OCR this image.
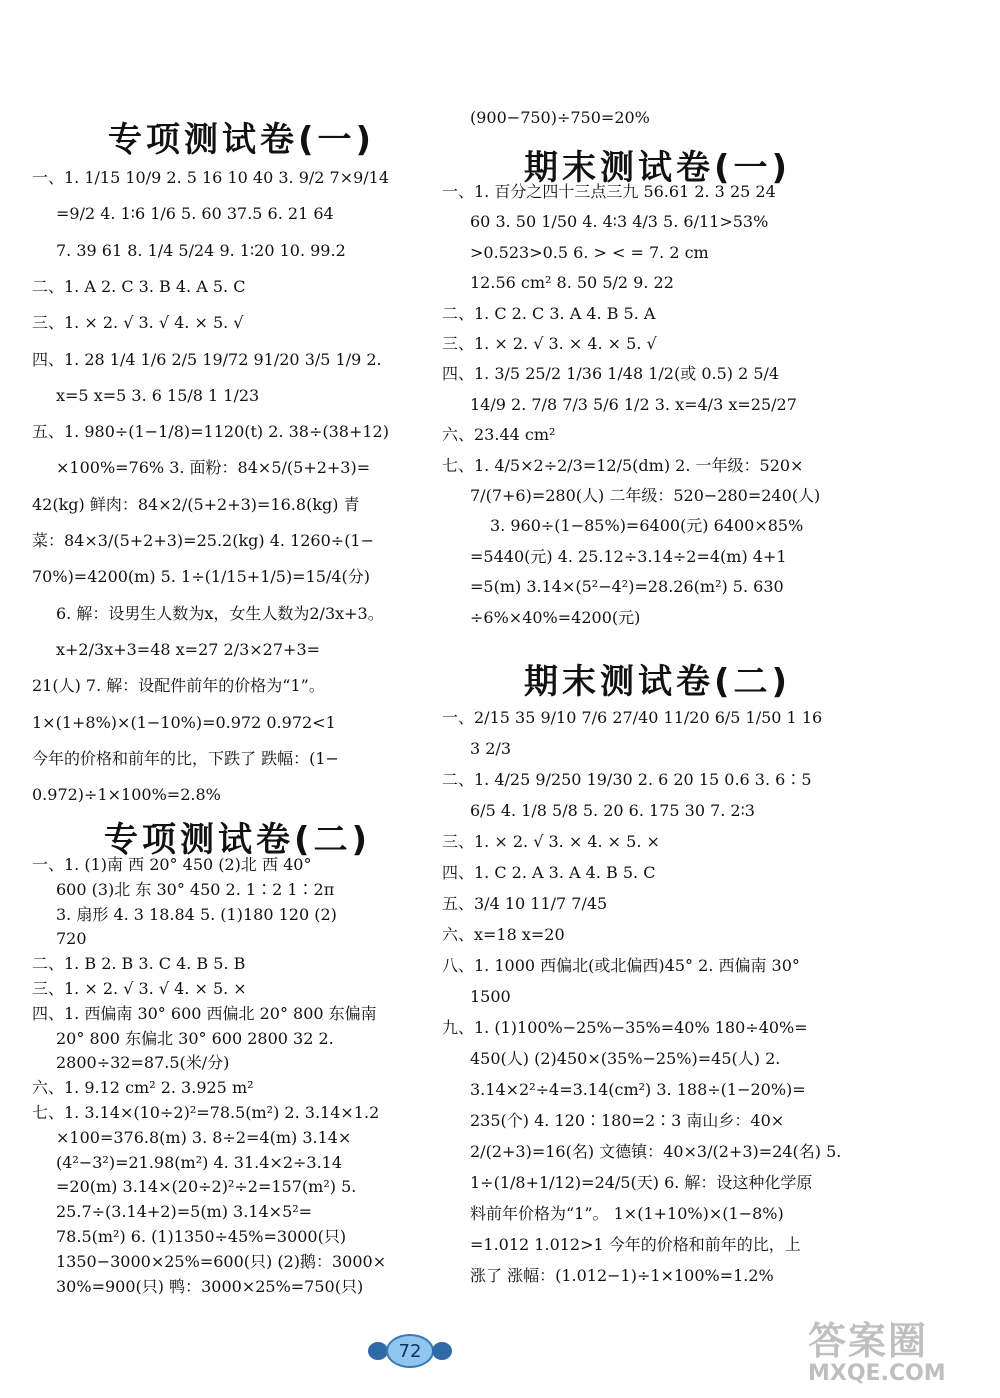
专项测试卷(一)
一、1. 1/15 10/9 2. 5 16 10 40 3. 9/2 7×9/14
=9/2 4. 1∶6 1/6 5. 60 37.5 6. 21 64
7. 39 61 8. 1/4 5/24 9. 1∶20 10. 99.2
二、1. A 2. C 3. B 4. A 5. C
三、1. × 2. √ 3. √ 4. × 5. √
四、1. 28 1/4 1/6 2/5 19/72 91/20 3/5 1/9 2.
x=5 x=5 3. 6 15/8 1 1/23
五、1. 980÷(1−1/8)=1120(t) 2. 38÷(38+12)
×100%=76% 3. 面粉：84×5/(5+2+3)=
42(kg) 鲜肉：84×2/(5+2+3)=16.8(kg) 青
菜：84×3/(5+2+3)=25.2(kg) 4. 1260÷(1−
70%)=4200(m) 5. 1÷(1/15+1/5)=15/4(分)
6. 解：设男生人数为x，女生人数为2/3x+3。
x+2/3x+3=48 x=27 2/3×27+3=
21(人) 7. 解：设配件前年的价格为“1”。
1×(1+8%)×(1−10%)=0.972 0.972<1
今年的价格和前年的比，下跌了 跌幅：(1−
0.972)÷1×100%=2.8%
专项测试卷(二)
一、1. (1)南 西 20° 450 (2)北 西 40°
600 (3)北 东 30° 450 2. 1∶2 1∶2π
3. 扇形 4. 3 18.84 5. (1)180 120 (2)
720
二、1. B 2. B 3. C 4. B 5. B
三、1. × 2. √ 3. √ 4. × 5. ×
四、1. 西偏南 30° 600 西偏北 20° 800 东偏南
20° 800 东偏北 30° 600 2800 32 2.
2800÷32=87.5(米/分)
六、1. 9.12 cm² 2. 3.925 m²
七、1. 3.14×(10÷2)²=78.5(m²) 2. 3.14×1.2
×100=376.8(m) 3. 8÷2=4(m) 3.14×
(4²−3²)=21.98(m²) 4. 31.4×2÷3.14
=20(m) 3.14×(20÷2)²÷2=157(m²) 5.
25.7÷(3.14+2)=5(m) 3.14×5²=
78.5(m²) 6. (1)1350÷45%=3000(只)
1350−3000×25%=600(只) (2)鹅：3000×
30%=900(只) 鸭：3000×25%=750(只)
(900−750)÷750=20%
期末测试卷(一)
一、1. 百分之四十三点三九 56.61 2. 3 25 24
60 3. 50 1/50 4. 4∶3 4/3 5. 6/11>53%
>0.523>0.5 6. > < = 7. 2 cm
12.56 cm² 8. 50 5/2 9. 22
二、1. C 2. C 3. A 4. B 5. A
三、1. × 2. √ 3. × 4. × 5. √
四、1. 3/5 25/2 1/36 1/48 1/2(或 0.5) 2 5/4
14/9 2. 7/8 7/3 5/6 1/2 3. x=4/3 x=25/27
六、23.44 cm²
七、1. 4/5×2÷2/3=12/5(dm) 2. 一年级：520×
7/(7+6)=280(人) 二年级：520−280=240(人)
3. 960÷(1−85%)=6400(元) 6400×85%
=5440(元) 4. 25.12÷3.14÷2=4(m) 4+1
=5(m) 3.14×(5²−4²)=28.26(m²) 5. 630
÷6%×40%=4200(元)
期末测试卷(二)
一、2/15 35 9/10 7/6 27/40 11/20 6/5 1/50 1 16
3 2/3
二、1. 4/25 9/250 19/30 2. 6 20 15 0.6 3. 6∶5
6/5 4. 1/8 5/8 5. 20 6. 175 30 7. 2∶3
三、1. × 2. √ 3. × 4. × 5. ×
四、1. C 2. A 3. A 4. B 5. C
五、3/4 10 11/7 7/45
六、x=18 x=20
八、1. 1000 西偏北(或北偏西)45° 2. 西偏南 30°
1500
九、1. (1)100%−25%−35%=40% 180÷40%=
450(人) (2)450×(35%−25%)=45(人) 2.
3.14×2²÷4=3.14(cm²) 3. 188÷(1−20%)=
235(个) 4. 120∶180=2∶3 南山乡：40×
2/(2+3)=16(名) 文德镇：40×3/(2+3)=24(名) 5.
1÷(1/8+1/12)=24/5(天) 6. 解：设这种化学原
料前年价格为“1”。 1×(1+10%)×(1−8%)
=1.012 1.012>1 今年的价格和前年的比，上
涨了 涨幅：(1.012−1)÷1×100%=1.2%
72	答案圈
MXQE.COM
